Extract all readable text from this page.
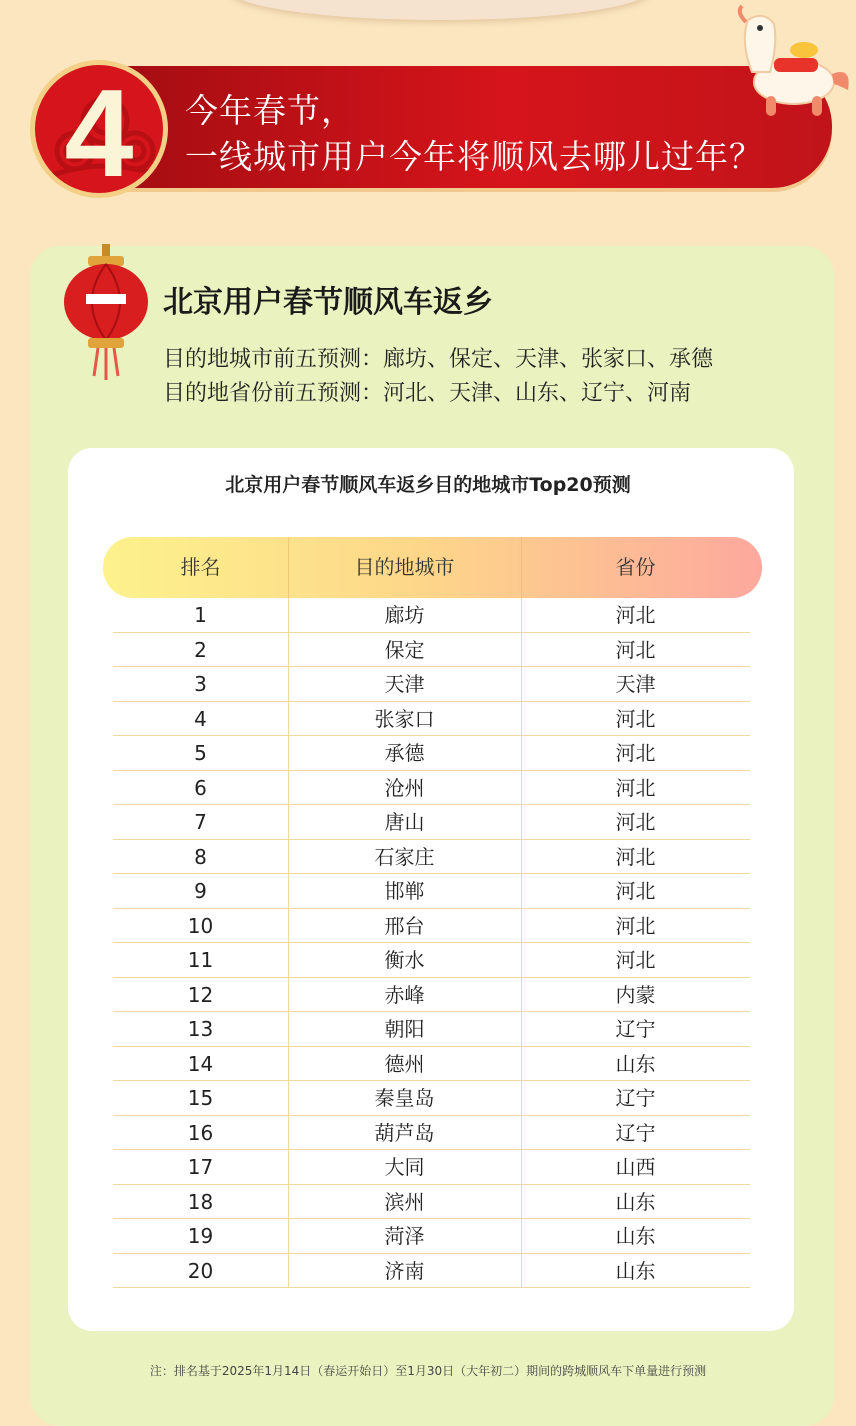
4	今年春节，
一线城市用户今年将顺风去哪儿过年？
北京用户春节顺风车返乡
目的地城市前五预测：廊坊、保定、天津、张家口、承德
目的地省份前五预测：河北、天津、山东、辽宁、河南
北京用户春节顺风车返乡目的地城市Top20预测
排名	目的地城市	省份
1	廊坊	河北
2	保定	河北
3	天津	天津
4	张家口	河北
5	承德	河北
6	沧州	河北
7	唐山	河北
8	石家庄	河北
9	邯郸	河北
10	邢台	河北
11	衡水	河北
12	赤峰	内蒙
13	朝阳	辽宁
14	德州	山东
15	秦皇岛	辽宁
16	葫芦岛	辽宁
17	大同	山西
18	滨州	山东
19	菏泽	山东
20	济南	山东
注：排名基于2025年1月14日（春运开始日）至1月30日（大年初二）期间的跨城顺风车下单量进行预测
